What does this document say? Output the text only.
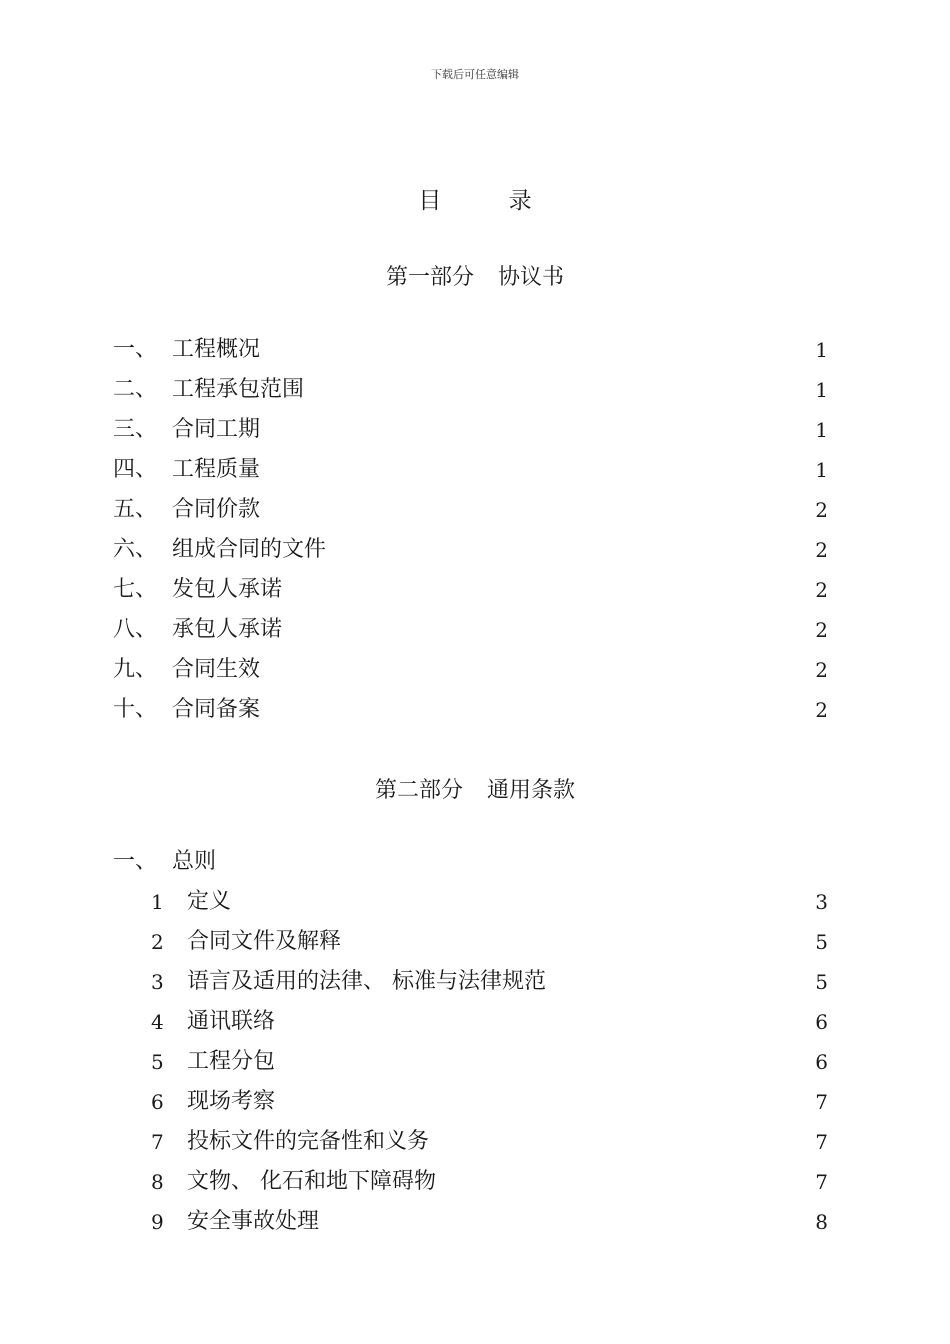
下载后可任意编辑
目	录
第一部分 协议书
一、 工程概况	1
二、 工程承包范围	1
三、 合同工期	1
四、 工程质量	1
五、 合同价款	2
六、 组成合同的文件	2
七、 发包人承诺	2
八、 承包人承诺	2
九、 合同生效	2
十、 合同备案	2
第二部分 通用条款
一、 总则
1 定义	3
2 合同文件及解释	5
3 语言及适用的法律、 标准与法律规范	5
4 通讯联络	6
5 工程分包	6
6 现场考察	7
7 投标文件的完备性和义务	7
8 文物、 化石和地下障碍物	7
9 安全事故处理	8
